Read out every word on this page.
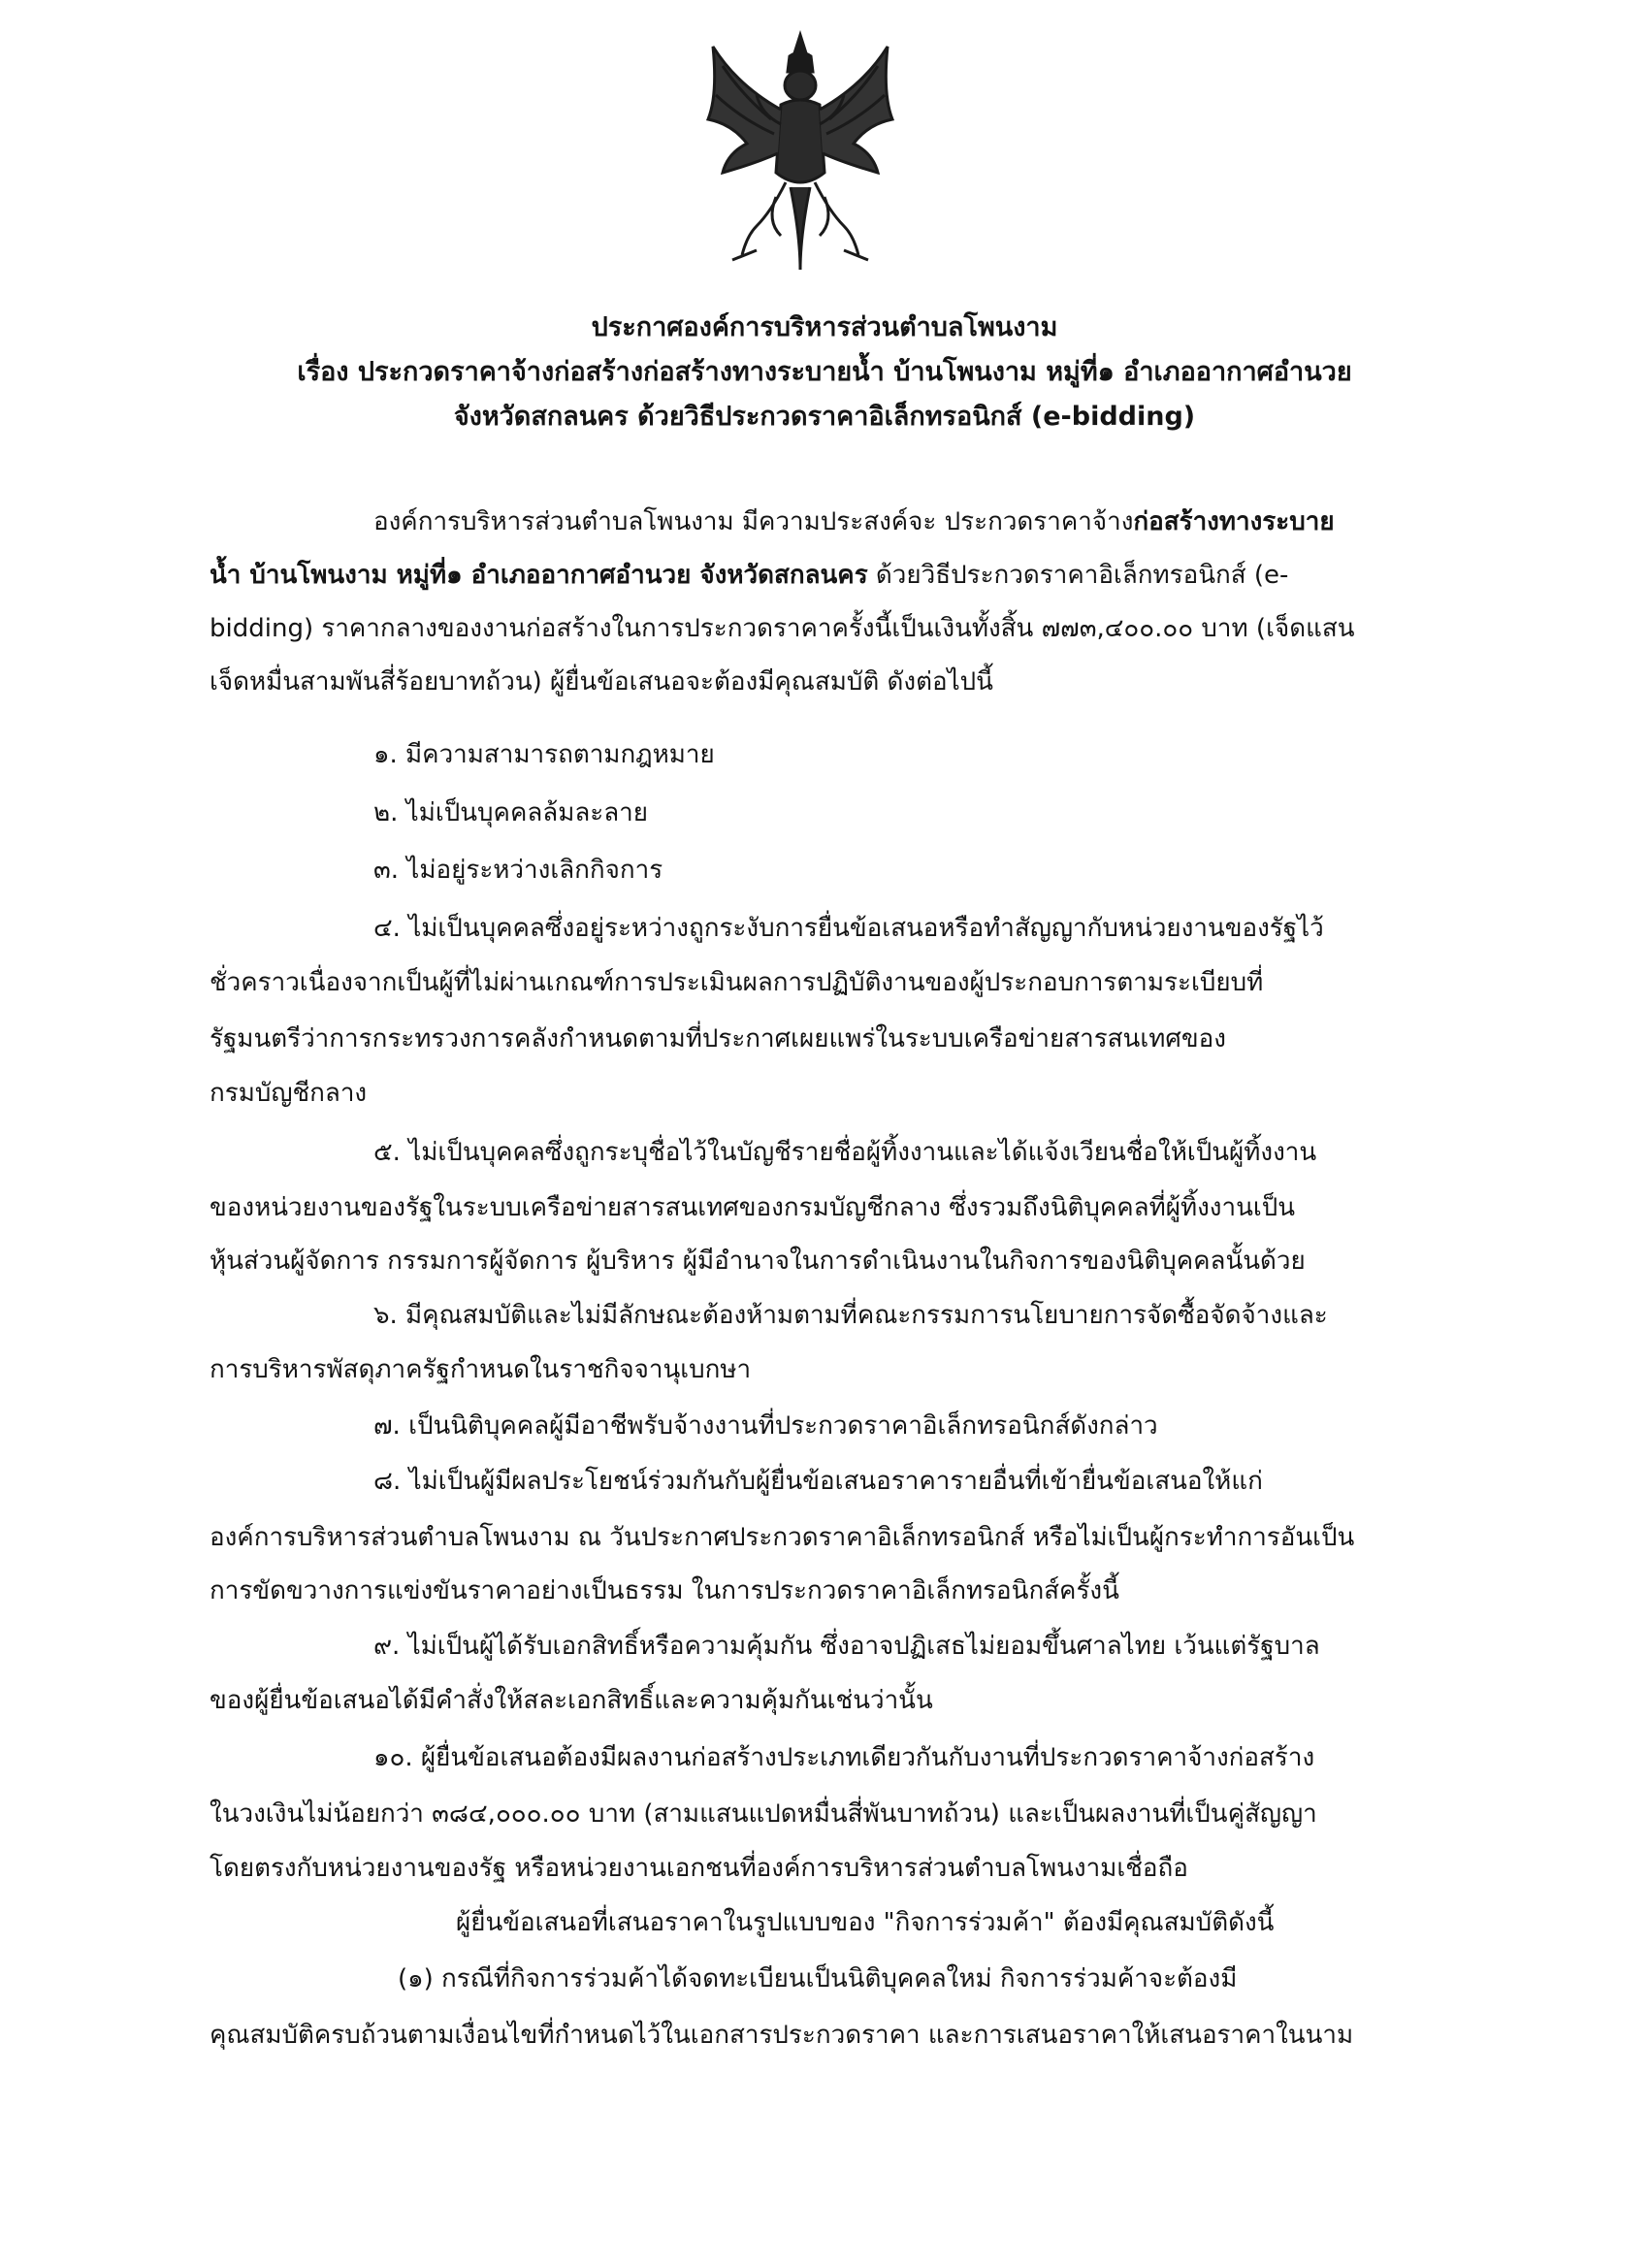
ประกาศองค์การบริหารส่วนตำบลโพนงาม
เรื่อง ประกวดราคาจ้างก่อสร้างก่อสร้างทางระบายน้ำ บ้านโพนงาม หมู่ที่๑ อำเภออากาศอำนวย
จังหวัดสกลนคร ด้วยวิธีประกวดราคาอิเล็กทรอนิกส์ (e-bidding)
องค์การบริหารส่วนตำบลโพนงาม มีความประสงค์จะ ประกวดราคาจ้างก่อสร้างทางระบาย
น้ำ บ้านโพนงาม หมู่ที่๑ อำเภออากาศอำนวย จังหวัดสกลนคร ด้วยวิธีประกวดราคาอิเล็กทรอนิกส์ (e-
bidding) ราคากลางของงานก่อสร้างในการประกวดราคาครั้งนี้เป็นเงินทั้งสิ้น ๗๗๓,๔๐๐.๐๐ บาท (เจ็ดแสน
เจ็ดหมื่นสามพันสี่ร้อยบาทถ้วน) ผู้ยื่นข้อเสนอจะต้องมีคุณสมบัติ ดังต่อไปนี้
๑. มีความสามารถตามกฎหมาย
๒. ไม่เป็นบุคคลล้มละลาย
๓. ไม่อยู่ระหว่างเลิกกิจการ
๔. ไม่เป็นบุคคลซึ่งอยู่ระหว่างถูกระงับการยื่นข้อเสนอหรือทำสัญญากับหน่วยงานของรัฐไว้
ชั่วคราวเนื่องจากเป็นผู้ที่ไม่ผ่านเกณฑ์การประเมินผลการปฏิบัติงานของผู้ประกอบการตามระเบียบที่
รัฐมนตรีว่าการกระทรวงการคลังกำหนดตามที่ประกาศเผยแพร่ในระบบเครือข่ายสารสนเทศของ
กรมบัญชีกลาง
๕. ไม่เป็นบุคคลซึ่งถูกระบุชื่อไว้ในบัญชีรายชื่อผู้ทิ้งงานและได้แจ้งเวียนชื่อให้เป็นผู้ทิ้งงาน
ของหน่วยงานของรัฐในระบบเครือข่ายสารสนเทศของกรมบัญชีกลาง ซึ่งรวมถึงนิติบุคคลที่ผู้ทิ้งงานเป็น
หุ้นส่วนผู้จัดการ กรรมการผู้จัดการ ผู้บริหาร ผู้มีอำนาจในการดำเนินงานในกิจการของนิติบุคคลนั้นด้วย
๖. มีคุณสมบัติและไม่มีลักษณะต้องห้ามตามที่คณะกรรมการนโยบายการจัดซื้อจัดจ้างและ
การบริหารพัสดุภาครัฐกำหนดในราชกิจจานุเบกษา
๗. เป็นนิติบุคคลผู้มีอาชีพรับจ้างงานที่ประกวดราคาอิเล็กทรอนิกส์ดังกล่าว
๘. ไม่เป็นผู้มีผลประโยชน์ร่วมกันกับผู้ยื่นข้อเสนอราคารายอื่นที่เข้ายื่นข้อเสนอให้แก่
องค์การบริหารส่วนตำบลโพนงาม ณ วันประกาศประกวดราคาอิเล็กทรอนิกส์ หรือไม่เป็นผู้กระทำการอันเป็น
การขัดขวางการแข่งขันราคาอย่างเป็นธรรม ในการประกวดราคาอิเล็กทรอนิกส์ครั้งนี้
๙. ไม่เป็นผู้ได้รับเอกสิทธิ์หรือความคุ้มกัน ซึ่งอาจปฏิเสธไม่ยอมขึ้นศาลไทย เว้นแต่รัฐบาล
ของผู้ยื่นข้อเสนอได้มีคำสั่งให้สละเอกสิทธิ์และความคุ้มกันเช่นว่านั้น
๑๐. ผู้ยื่นข้อเสนอต้องมีผลงานก่อสร้างประเภทเดียวกันกับงานที่ประกวดราคาจ้างก่อสร้าง
ในวงเงินไม่น้อยกว่า ๓๘๔,๐๐๐.๐๐ บาท (สามแสนแปดหมื่นสี่พันบาทถ้วน) และเป็นผลงานที่เป็นคู่สัญญา
โดยตรงกับหน่วยงานของรัฐ หรือหน่วยงานเอกชนที่องค์การบริหารส่วนตำบลโพนงามเชื่อถือ
ผู้ยื่นข้อเสนอที่เสนอราคาในรูปแบบของ "กิจการร่วมค้า" ต้องมีคุณสมบัติดังนี้
(๑) กรณีที่กิจการร่วมค้าได้จดทะเบียนเป็นนิติบุคคลใหม่ กิจการร่วมค้าจะต้องมี
คุณสมบัติครบถ้วนตามเงื่อนไขที่กำหนดไว้ในเอกสารประกวดราคา และการเสนอราคาให้เสนอราคาในนาม
